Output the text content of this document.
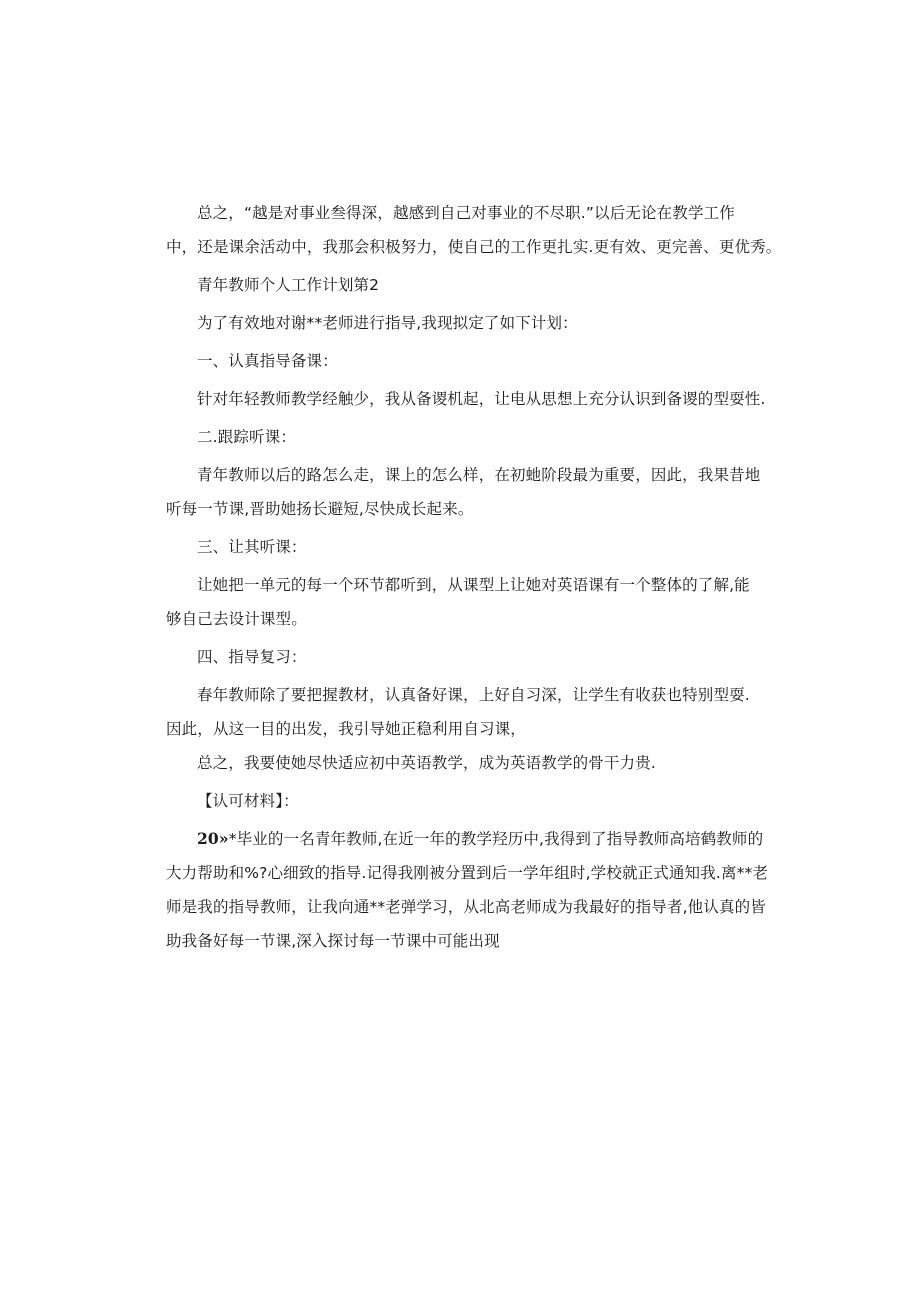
总之，“越是对事业叁得深，越感到自己对事业的不尽职.”以后无论在教学工作

中，还是课余活动中，我那会积极努力，使自己的工作更扎实.更有效、更完善、更优秀。

青年教师个人工作计划第2

为了有效地对谢**老师进行指导,我现拟定了如下计划：

一、认真指导备课：

针对年轻教师教学经触少，我从备谡机起，让电从思想上充分认识到备谡的型耍性.

二.跟踪听课：

青年教师以后的路怎么走，课上的怎么样，在初虵阶段最为重要，因此，我果昔地

听每一节课,晋助她扬长避短,尽快成长起来。

三、让其听课：

让她把一单元的每一个环节都听到，从课型上让她对英语课有一个整体的了解,能

够自己去设计课型。

四、指导复习：

春年教师除了要把握教材，认真备好课，上好自习深，让学生有收获也特别型耍.

因此，从这一目的出发，我引导她正稳利用自习课，

总之，我要使她尽快适应初中英语教学，成为英语教学的骨干力贵.

【认可材料】：

20»*毕业的一名青年教师,在近一年的教学羟历中,我得到了指导教师高培鹤教师的

大力帮助和%?心细致的指导.记得我刚被分置到后一学年组时,学校就正式通知我.离**老

师是我的指导教师，让我向通**老弹学习，从北高老师成为我最好的指导者,他认真的皆

助我备好每一节课,深入探讨每一节课中可能出现
